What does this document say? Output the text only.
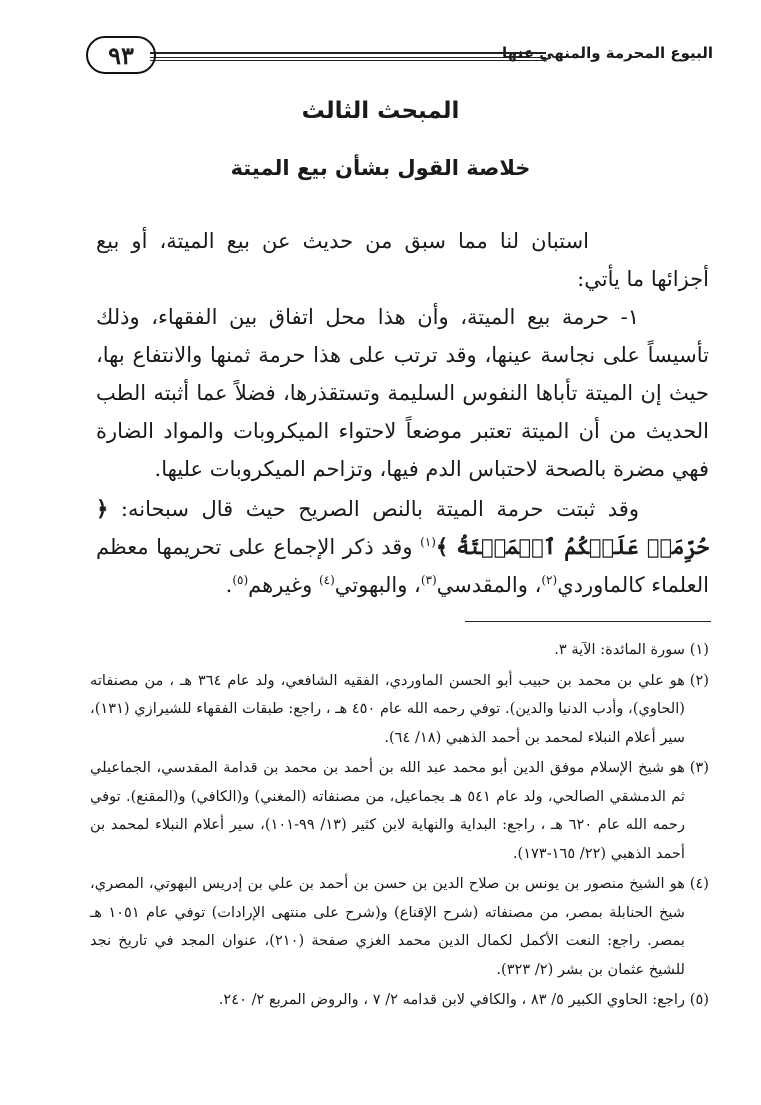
البيوع المحرمة والمنهي عنها
٩٣
المبحث الثالث
خلاصة القول بشأن بيع الميتة

استبان لنا مما سبق من حديث عن بيع الميتة، أو بيع أجزائها ما يأتي:

١- حرمة بيع الميتة، وأن هذا محل اتفاق بين الفقهاء، وذلك تأسيساً على نجاسة عينها، وقد ترتب على هذا حرمة ثمنها والانتفاع بها، حيث إن الميتة تأباها النفوس السليمة وتستقذرها، فضلاً عما أثبته الطب الحديث من أن الميتة تعتبر موضعاً لاحتواء الميكروبات والمواد الضارة فهي مضرة بالصحة لاحتباس الدم فيها، وتزاحم الميكروبات عليها.

وقد ثبتت حرمة الميتة بالنص الصريح حيث قال سبحانه: ﴿ حُرِّمَتۡ عَلَيۡكُمُ ٱلۡمَيۡتَةُ ﴾$^{(١)}$ وقد ذكر الإجماع على تحريمها معظم العلماء كالماوردي$^{(٢)}$، والمقدسي$^{(٣)}$، والبهوتي$^{(٤)}$ وغيرهم$^{(٥)}$.

(١)
سورة المائدة: الآية ٣.
(٢)
هو علي بن محمد بن حبيب أبو الحسن الماوردي، الفقيه الشافعي، ولد عام ٣٦٤ هـ ، من مصنفاته (الحاوي)، وأدب الدنيا والدين). توفي رحمه الله عام ٤٥٠ هـ ، راجع: طبقات الفقهاء للشيرازي (١٣١)، سير أعلام النبلاء لمحمد بن أحمد الذهبي (١٨/ ٦٤).
(٣)
هو شيخ الإسلام موفق الدين أبو محمد عبد الله بن أحمد بن محمد بن قدامة المقدسي، الجماعيلي ثم الدمشقي الصالحي، ولد عام ٥٤١ هـ بجماعيل، من مصنفاته (المغني) و(الكافي) و(المقنع). توفي رحمه الله عام ٦٢٠ هـ ، راجع: البداية والنهاية لابن كثير (١٣/ ٩٩-١٠١)، سير أعلام النبلاء لمحمد بن أحمد الذهبي (٢٢/ ١٦٥-١٧٣).
(٤)
هو الشيخ منصور بن يونس بن صلاح الدين بن حسن بن أحمد بن علي بن إدريس البهوتي، المصري، شيخ الحنابلة بمصر، من مصنفاته (شرح الإقناع) و(شرح على منتهى الإرادات) توفي عام ١٠٥١ هـ بمصر. راجع: النعت الأكمل لكمال الدين محمد الغزي صفحة (٢١٠)، عنوان المجد في تاريخ نجد للشيخ عثمان بن بشر (٢/ ٣٢٣).
(٥)
راجع: الحاوي الكبير ٥/ ٨٣ ، والكافي لابن قدامه ٢/ ٧ ، والروض المربع ٢/ ٢٤٠.
